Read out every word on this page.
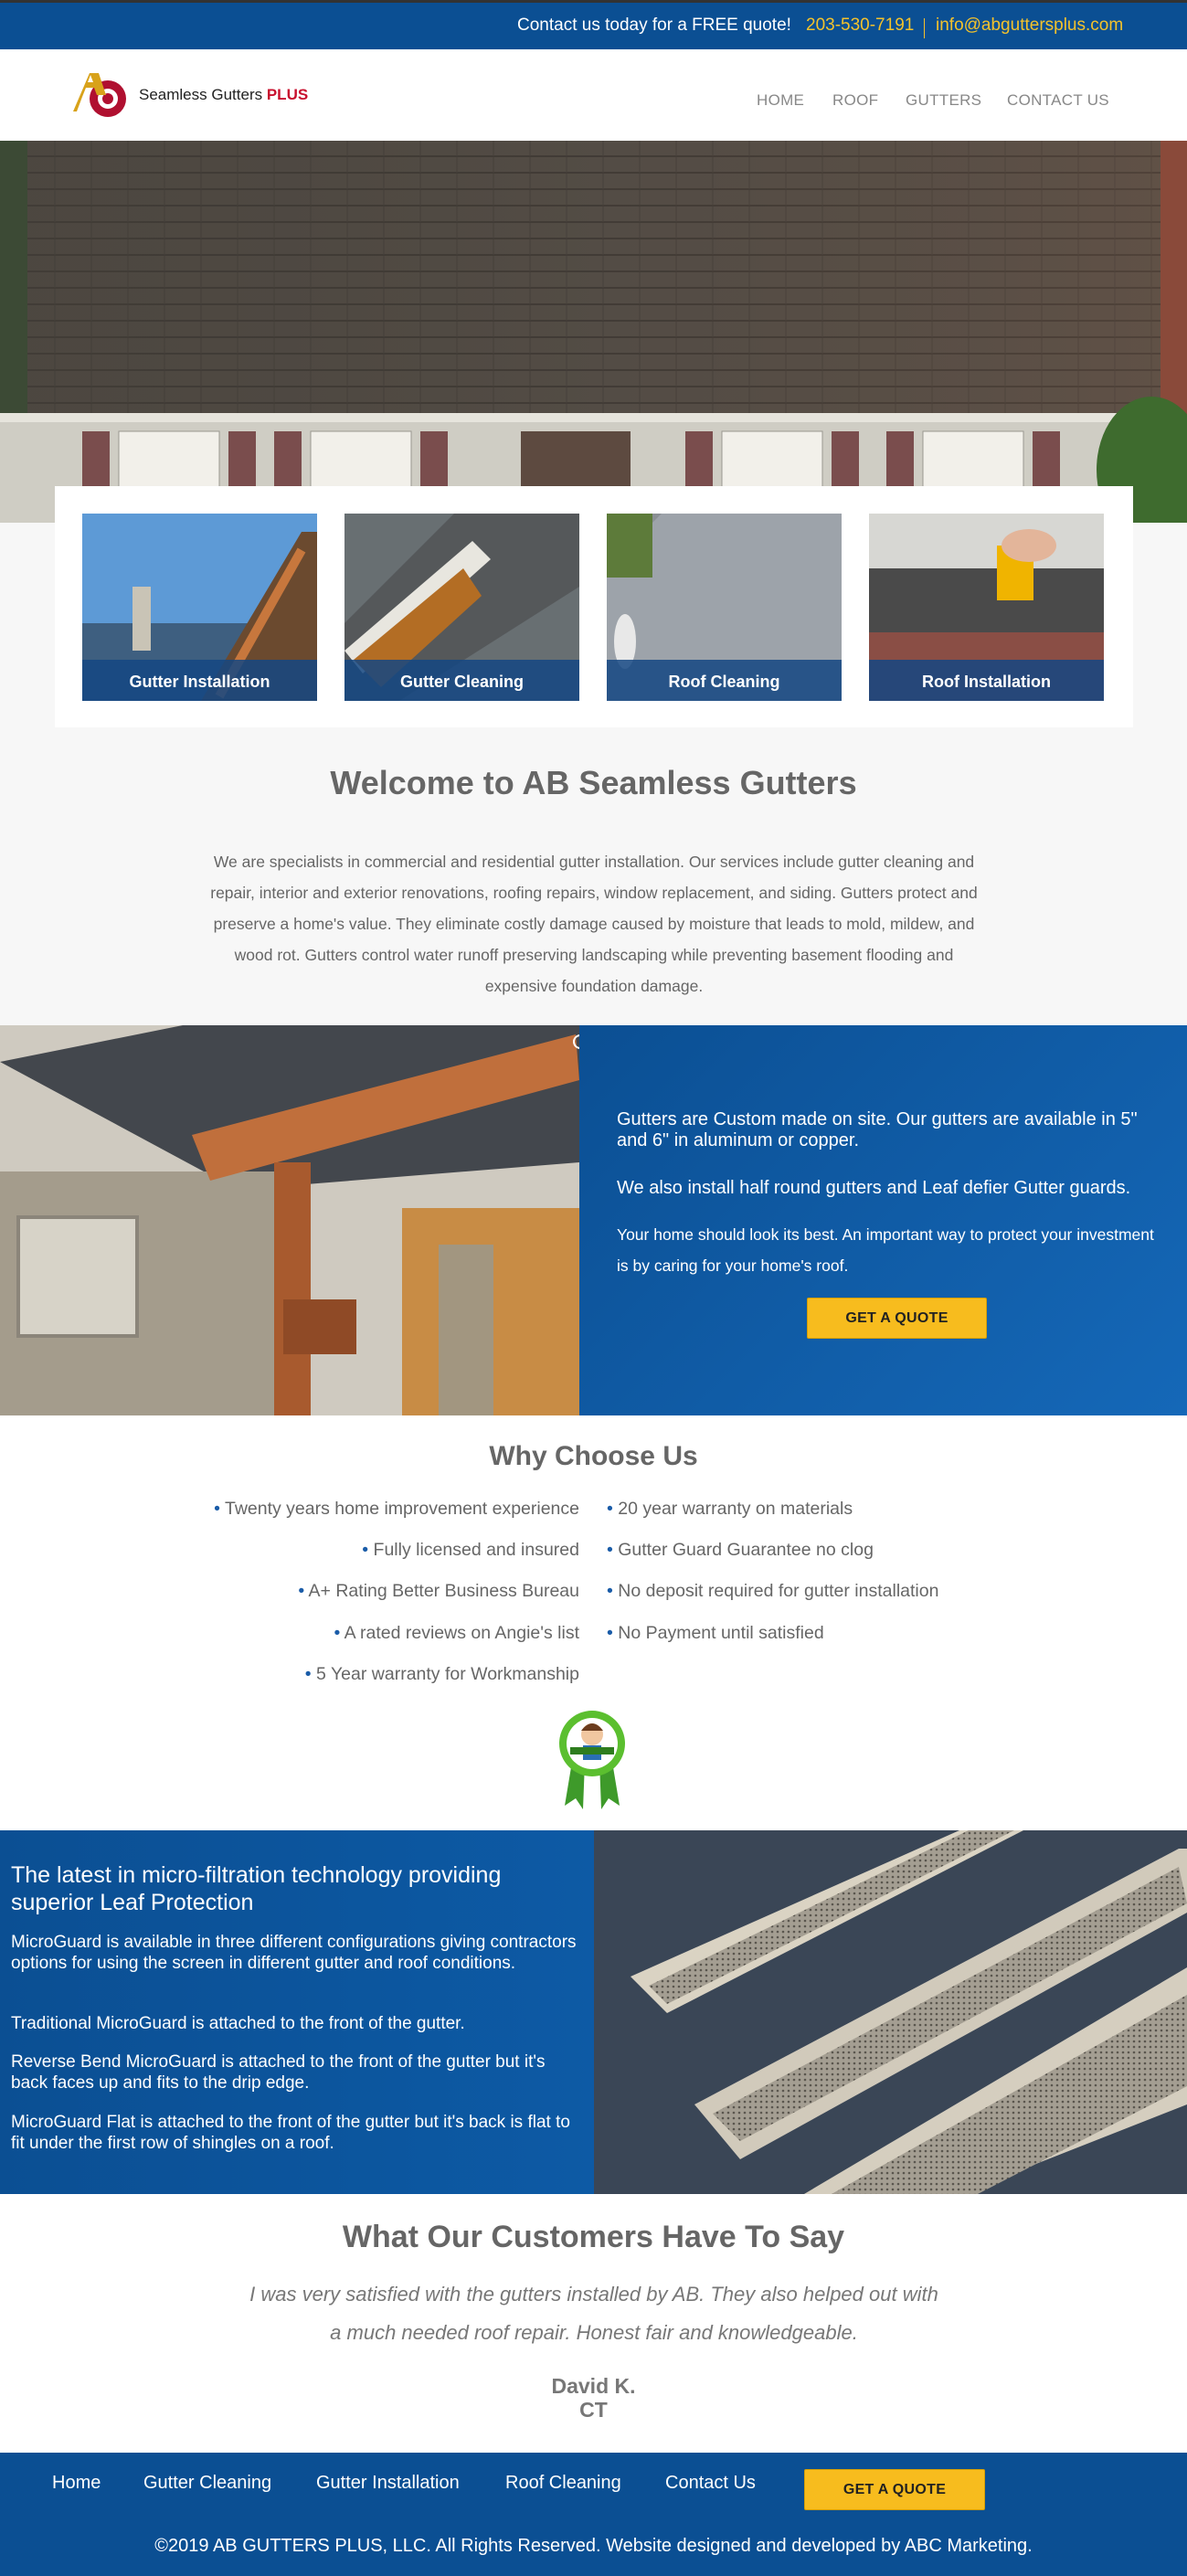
Contact us today for a FREE quote! 203-530-7191 info@abguttersplus.com
AB
Seamless Gutters PLUS	HOME ROOF GUTTERS CONTACT US
Gutter Installation	Gutter Cleaning	Roof Cleaning	Roof Installation
Welcome to AB Seamless Gutters

We are specialists in commercial and residential gutter installation. Our services include gutter cleaning and repair, interior and exterior renovations, roofing repairs, window replacement, and siding. Gutters protect and preserve a home's value. They eliminate costly damage caused by moisture that leads to mold, mildew, and wood rot. Gutters control water runoff preserving landscaping while preventing basement flooding and expensive foundation damage.

Gutters are Custom made on site. Our gutters are available in 5" and 6" in aluminum or copper.

We also install half round gutters and Leaf defier Gutter guards.

Your home should look its best. An important way to protect your investment is by caring for your home's roof.

GET A QUOTE
Why Choose Us
• Twenty years home improvement experience
• Fully licensed and insured
• A+ Rating Better Business Bureau
• A rated reviews on Angie's list
• 5 Year warranty for Workmanship
• 20 year warranty on materials
• Gutter Guard Guarantee no clog
• No deposit required for gutter installation
• No Payment until satisfied
The latest in micro-filtration technology providing superior Leaf Protection

MicroGuard is available in three different configurations giving contractors options for using the screen in different gutter and roof conditions.

Traditional MicroGuard is attached to the front of the gutter.

Reverse Bend MicroGuard is attached to the front of the gutter but it's back faces up and fits to the drip edge.

MicroGuard Flat is attached to the front of the gutter but it's back is flat to fit under the first row of shingles on a roof.

What Our Customers Have To Say

I was very satisfied with the gutters installed by AB. They also helped out with a much needed roof repair. Honest fair and knowledgeable.

David K.
CT
Home Gutter Cleaning Gutter Installation	Roof Cleaning Contact Us	GET A QUOTE
©2019 AB GUTTERS PLUS, LLC. All Rights Reserved. Website designed and developed by ABC Marketing.
